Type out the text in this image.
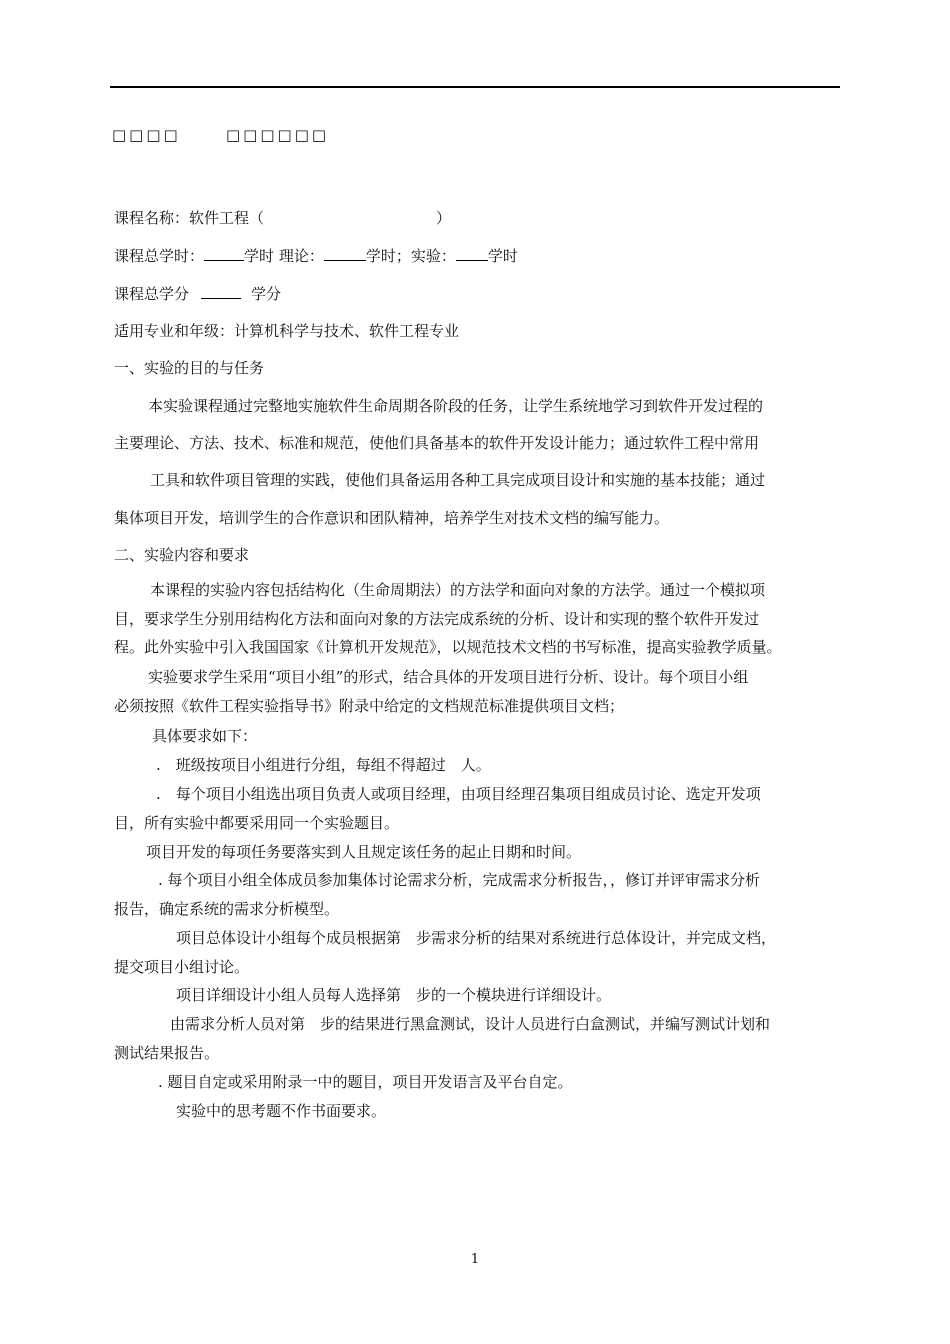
□□□□	□□□□□□
课程名称：软件工程（	）
课程总学时：	学时 理论：	学时；实验： 学时
课程总学分	学分
适用专业和年级：计算机科学与技术、软件工程专业
一、实验的目的与任务
本实验课程通过完整地实施软件生命周期各阶段的任务，让学生系统地学习到软件开发过程的
主要理论、方法、技术、标准和规范，使他们具备基本的软件开发设计能力；通过软件工程中常用
工具和软件项目管理的实践，使他们具备运用各种工具完成项目设计和实施的基本技能；通过
集体项目开发，培训学生的合作意识和团队精神，培养学生对技术文档的编写能力。
二、实验内容和要求
本课程的实验内容包括结构化（生命周期法）的方法学和面向对象的方法学。通过一个模拟项
目，要求学生分别用结构化方法和面向对象的方法完成系统的分析、设计和实现的整个软件开发过
程。此外实验中引入我国国家《计算机开发规范》，以规范技术文档的书写标准，提高实验教学质量。
实验要求学生采用“项目小组”的形式，结合具体的开发项目进行分析、设计。每个项目小组
必须按照《软件工程实验指导书》附录中给定的文档规范标准提供项目文档；
具体要求如下：
.　班级按项目小组进行分组，每组不得超过　人。
.　每个项目小组选出项目负责人或项目经理，由项目经理召集项目组成员讨论、选定开发项
目，所有实验中都要采用同一个实验题目。
项目开发的每项任务要落实到人且规定该任务的起止日期和时间。
. 每个项目小组全体成员参加集体讨论需求分析，完成需求分析报告，，修订并评审需求分析
报告，确定系统的需求分析模型。
项目总体设计小组每个成员根据第　步需求分析的结果对系统进行总体设计，并完成文档，
提交项目小组讨论。
项目详细设计小组人员每人选择第　步的一个模块进行详细设计。
由需求分析人员对第　步的结果进行黑盒测试，设计人员进行白盒测试，并编写测试计划和
测试结果报告。
. 题目自定或采用附录一中的题目，项目开发语言及平台自定。
实验中的思考题不作书面要求。
1
